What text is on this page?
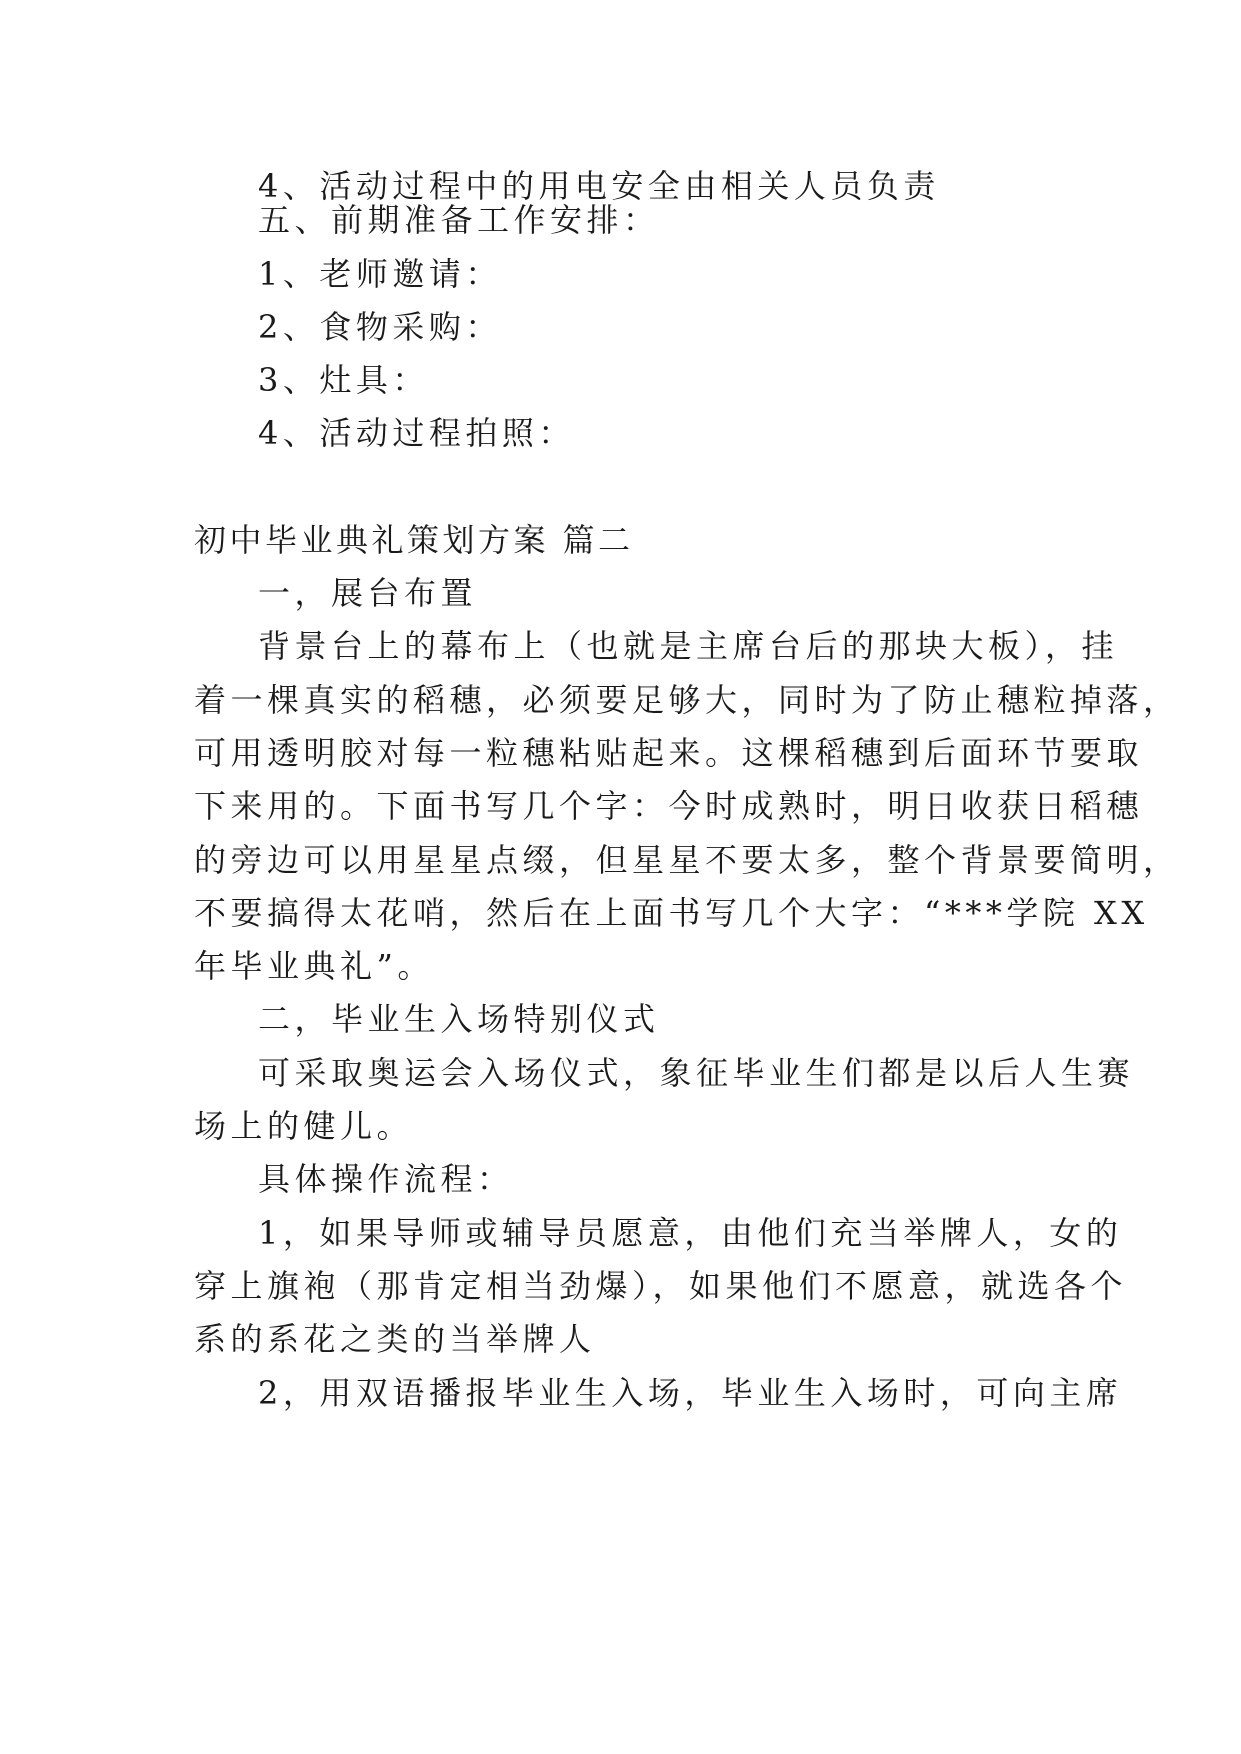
4、活动过程中的用电安全由相关人员负责
五、前期准备工作安排：
1、老师邀请：
2、食物采购：
3、灶具：
4、活动过程拍照：
初中毕业典礼策划方案 篇二
一，展台布置
背景台上的幕布上（也就是主席台后的那块大板），挂
着一棵真实的稻穗，必须要足够大，同时为了防止穗粒掉落，
可用透明胶对每一粒穗粘贴起来。这棵稻穗到后面环节要取
下来用的。下面书写几个字：今时成熟时，明日收获日稻穗
的旁边可以用星星点缀，但星星不要太多，整个背景要简明，
不要搞得太花哨，然后在上面书写几个大字：“***学院 XX
年毕业典礼”。
二，毕业生入场特别仪式
可采取奥运会入场仪式，象征毕业生们都是以后人生赛
场上的健儿。
具体操作流程：
1，如果导师或辅导员愿意，由他们充当举牌人，女的
穿上旗袍（那肯定相当劲爆），如果他们不愿意，就选各个
系的系花之类的当举牌人
2，用双语播报毕业生入场，毕业生入场时，可向主席
